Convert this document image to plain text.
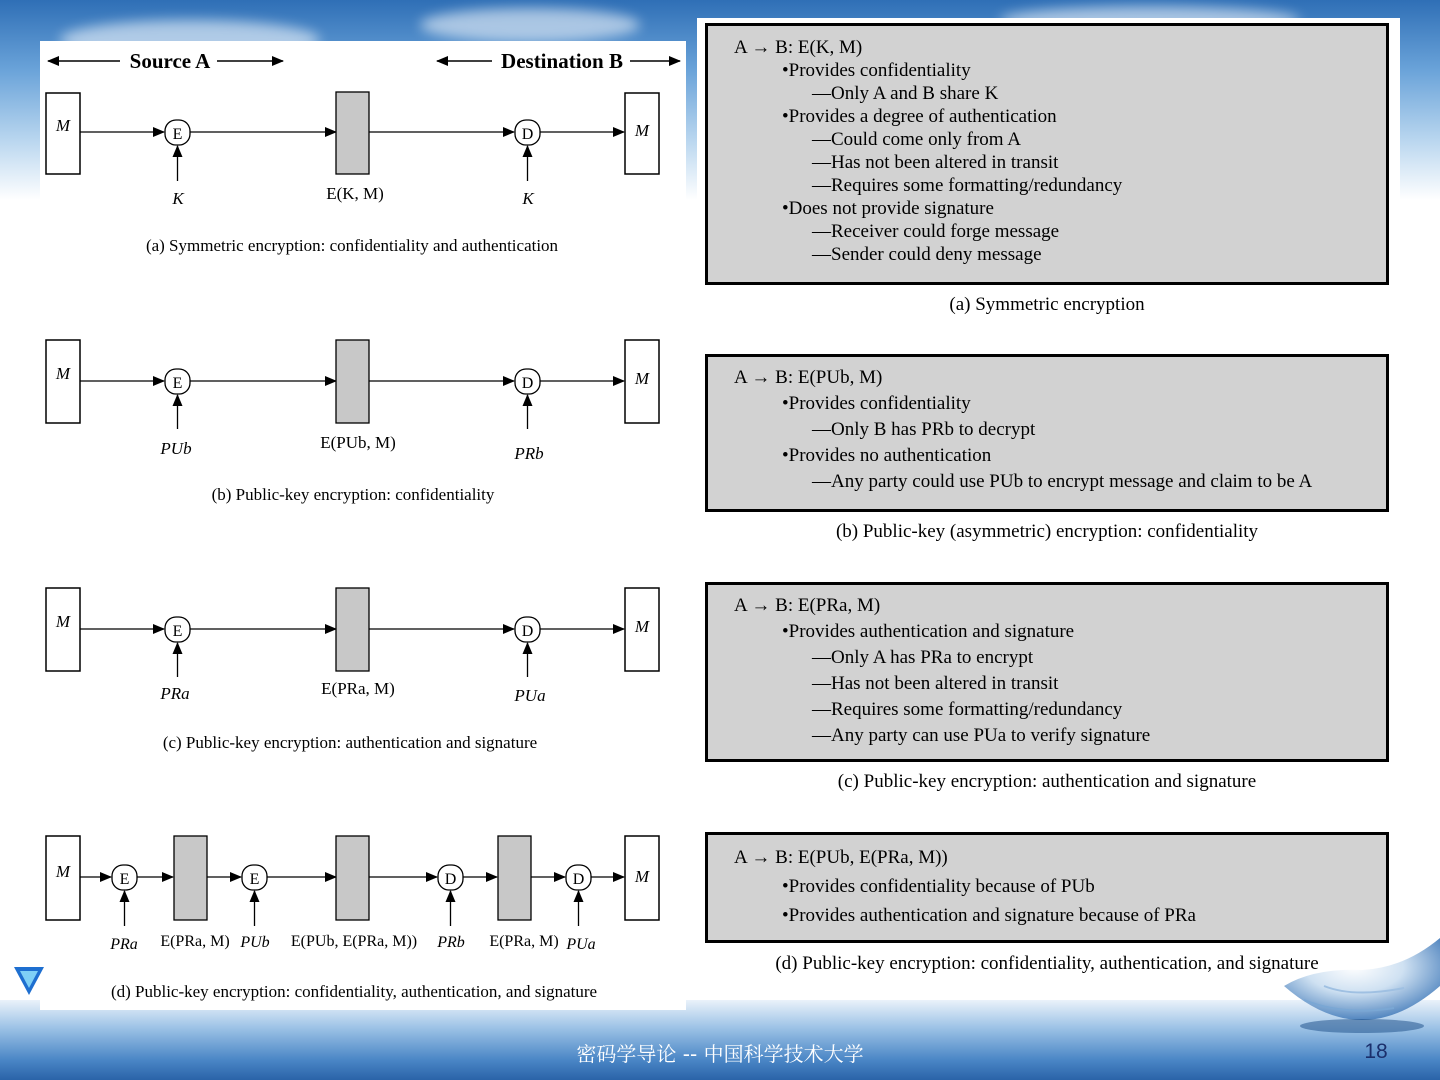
Source A	Destination B
M	E	D	M
K	K
E(K, M)
(a) Symmetric encryption: confidentiality and authentication
M
E	D	M
PUb	PRb
E(PUb, M)
(b) Public-key encryption: confidentiality
M
E	D	M
PRa	PUa
E(PRa, M)
(c) Public-key encryption: authentication and signature
M	E	E	D	D	M
PRa	PUb	PRb	PUa
E(PRa, M)	E(PUb, E(PRa, M))	E(PRa, M)
(d) Public-key encryption: confidentiality, authentication, and signature
A → B: E(K, M)
•Provides confidentiality
—Only A and B share K
•Provides a degree of authentication
—Could come only from A
—Has not been altered in transit
—Requires some formatting/redundancy
•Does not provide signature
—Receiver could forge message
—Sender could deny message
(a) Symmetric encryption
A → B: E(PUb, M)
•Provides confidentiality
—Only B has PRb to decrypt
•Provides no authentication
—Any party could use PUb to encrypt message and claim to be A
(b) Public-key (asymmetric) encryption: confidentiality
A → B: E(PRa, M)
•Provides authentication and signature
—Only A has PRa to encrypt
—Has not been altered in transit
—Requires some formatting/redundancy
—Any party can use PUa to verify signature
(c) Public-key encryption: authentication and signature
A → B: E(PUb, E(PRa, M))
•Provides confidentiality because of PUb
•Provides authentication and signature because of PRa
(d) Public-key encryption: confidentiality, authentication, and signature
密码学导论 -- 中国科学技术大学	18
